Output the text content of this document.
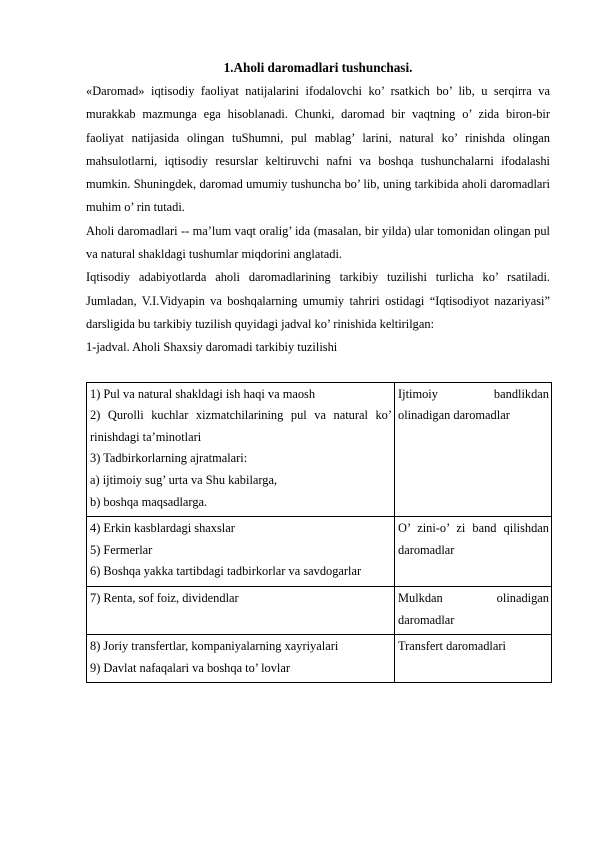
1.Aholi daromadlari tushunchasi.

«Daromad» iqtisodiy faoliyat natijalarini ifodalovchi ko’ rsatkich bo’ lib, u serqirra va murakkab mazmunga ega hisoblanadi. Chunki, daromad bir vaqtning o’ zida biron-bir faoliyat natijasida olingan tuShumni, pul mablag’ larini, natural ko’ rinishda olingan mahsulotlarni, iqtisodiy resurslar keltiruvchi nafni va boshqa tushunchalarni ifodalashi mumkin. Shuningdek, daromad umumiy tushuncha bo’ lib, uning tarkibida aholi daromadlari muhim o’ rin tutadi.

Aholi daromadlari -- ma’lum vaqt oralig’ ida (masalan, bir yilda) ular tomonidan olingan pul va natural shakldagi tushumlar miqdorini anglatadi.

Iqtisodiy adabiyotlarda aholi daromadlarining tarkibiy tuzilishi turlicha ko’ rsatiladi. Jumladan, V.I.Vidyapin va boshqalarning umumiy tahriri ostidagi “Iqtisodiyot nazariyasi” darsligida bu tarkibiy tuzilish quyidagi jadval ko’ rinishida keltirilgan:

1-jadval. Aholi Shaxsiy daromadi tarkibiy tuzilishi

1) Pul va natural shakldagi ish haqi va maosh
2) Qurolli kuchlar xizmatchilarining pul va natural ko’ rinishdagi ta’minotlari
3) Tadbirkorlarning ajratmalari:
a) ijtimoiy sug’ urta va Shu kabilarga,
b) boshqa maqsadlarga.	Ijtimoiy bandlikdan olinadigan daromadlar

4) Erkin kasblardagi shaxslar
5) Fermerlar
6) Boshqa yakka tartibdagi tadbirkorlar va savdogarlar	O’ zini-o’ zi band qilishdan daromadlar

7) Renta, sof foiz, dividendlar	Mulkdan olinadigan daromadlar

8) Joriy transfertlar, kompaniyalarning xayriyalari
9) Davlat nafaqalari va boshqa to’ lovlar	Transfert daromadlari
